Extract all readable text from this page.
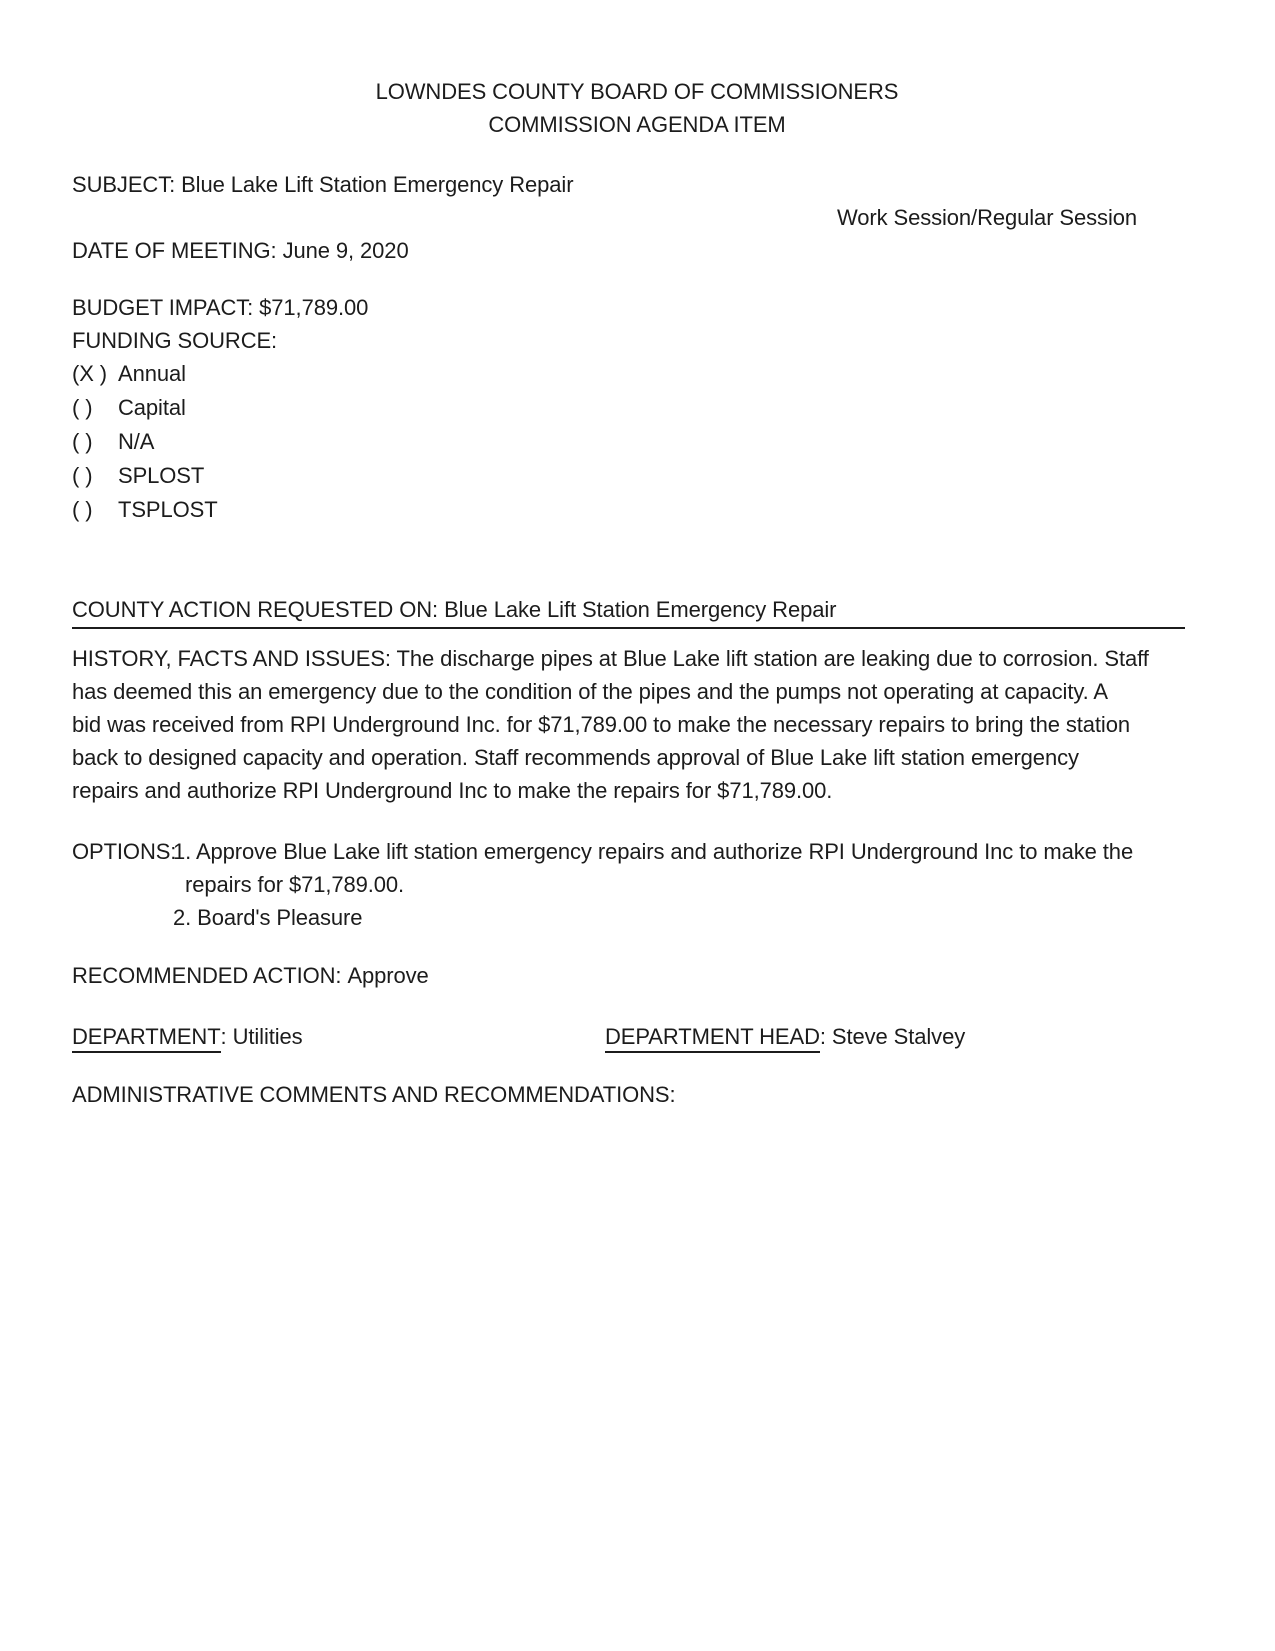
LOWNDES COUNTY BOARD OF COMMISSIONERS
COMMISSION AGENDA ITEM
SUBJECT: Blue Lake Lift Station Emergency Repair
Work Session/Regular Session
DATE OF MEETING: June 9, 2020
BUDGET IMPACT: $71,789.00
FUNDING SOURCE:
(X ) Annual
( ) Capital
( ) N/A
( ) SPLOST
( ) TSPLOST
COUNTY ACTION REQUESTED ON: Blue Lake Lift Station Emergency Repair
HISTORY, FACTS AND ISSUES: The discharge pipes at Blue Lake lift station are leaking due to corrosion. Staff
has deemed this an emergency due to the condition of the pipes and the pumps not operating at capacity. A
bid was received from RPI Underground Inc. for $71,789.00 to make the necessary repairs to bring the station
back to designed capacity and operation. Staff recommends approval of Blue Lake lift station emergency
repairs and authorize RPI Underground Inc to make the repairs for $71,789.00.
OPTIONS:
1. Approve Blue Lake lift station emergency repairs and authorize RPI Underground Inc to make the
repairs for $71,789.00.
2. Board's Pleasure
RECOMMENDED ACTION: Approve
DEPARTMENT: Utilities	DEPARTMENT HEAD: Steve Stalvey
ADMINISTRATIVE COMMENTS AND RECOMMENDATIONS:
